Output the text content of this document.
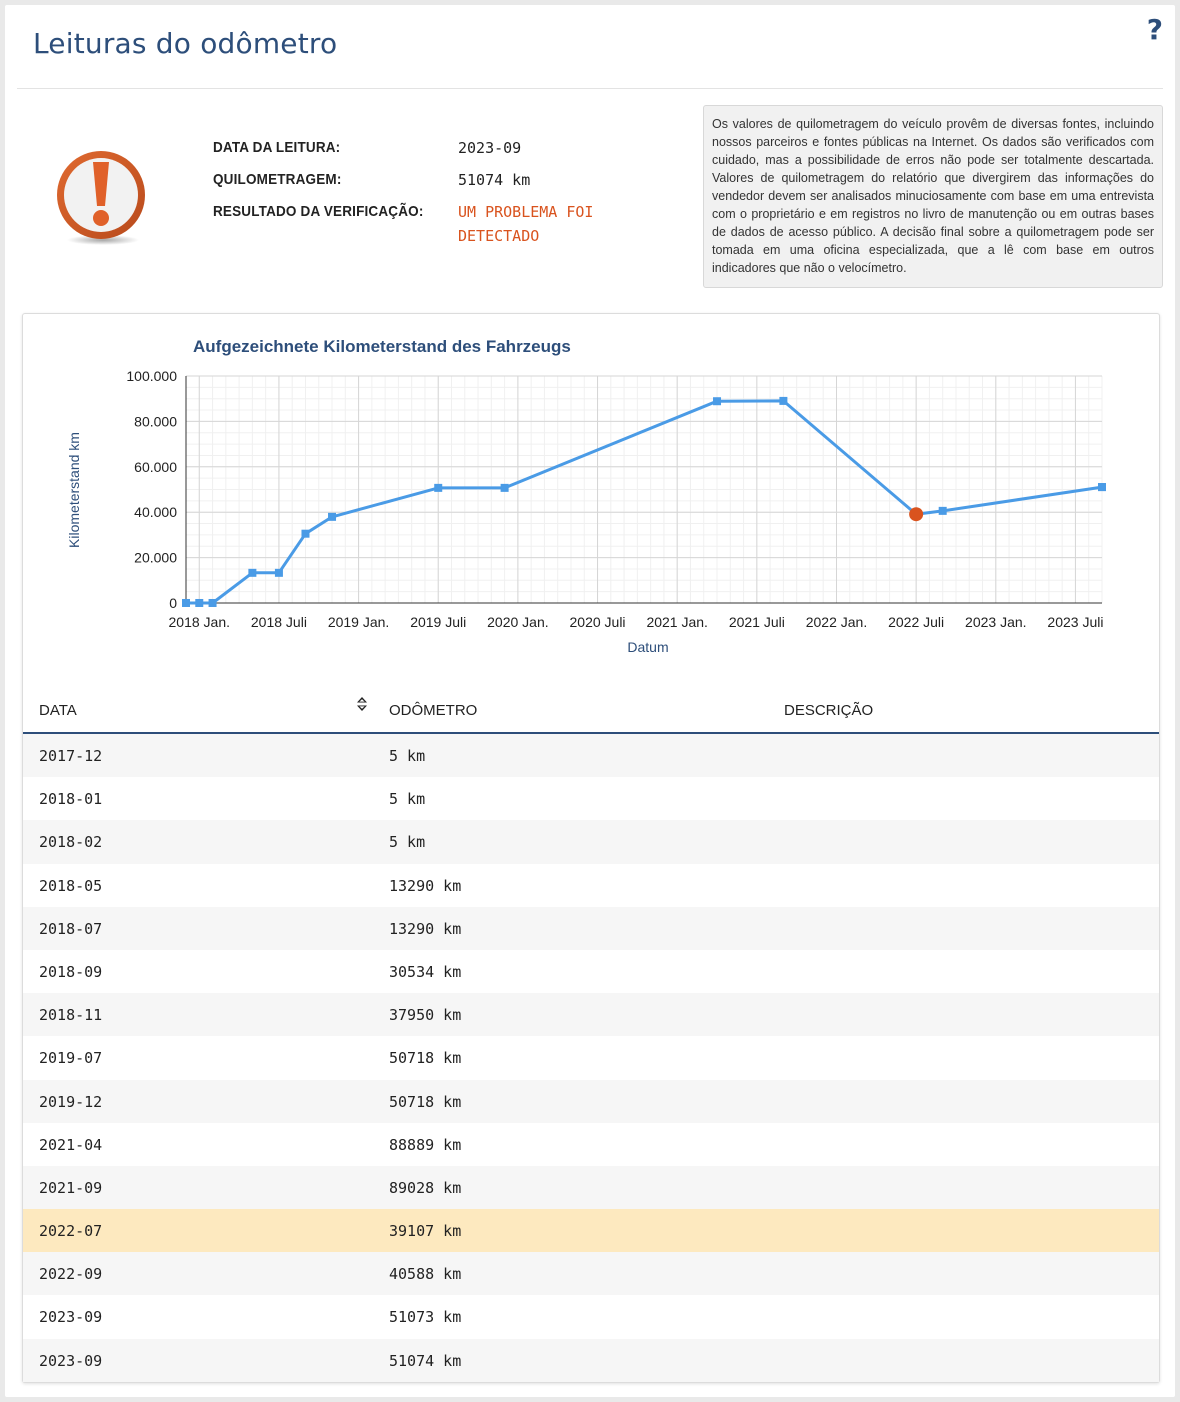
Leituras do odômetro	?
DATA DA LEITURA:	2023-09
QUILOMETRAGEM:	51074 km
RESULTADO DA VERIFICAÇÃO:	UM PROBLEMA FOI DETECTADO
Os valores de quilometragem do veículo provêm de diversas fontes, incluindo nossos parceiros e fontes públicas na Internet. Os dados são verificados com cuidado, mas a possibilidade de erros não pode ser totalmente descartada. Valores de quilometragem do relatório que divergirem das informações do vendedor devem ser analisados minuciosamente com base em uma entrevista com o proprietário e em registros no livro de manutenção ou em outras bases de dados de acesso público. A decisão final sobre a quilometragem pode ser tomada em uma oficina especializada, que a lê com base em outros indicadores que não o velocímetro.
0
20.000
40.000
60.000
80.000
100.000
2018 Jan. 2018 Juli 2019 Jan. 2019 Juli 2020 Jan. 2020 Juli 2021 Jan. 2021 Juli 2022 Jan. 2022 Juli 2023 Jan. 2023 Juli
Aufgezeichnete Kilometerstand des Fahrzeugs
Datum
Kilometerstand km
DATA	ODÔMETRO	DESCRIÇÃO
2017-12	5 km
2018-01	5 km
2018-02	5 km
2018-05	13290 km
2018-07	13290 km
2018-09	30534 km
2018-11	37950 km
2019-07	50718 km
2019-12	50718 km
2021-04	88889 km
2021-09	89028 km
2022-07	39107 km
2022-09	40588 km
2023-09	51073 km
2023-09	51074 km
